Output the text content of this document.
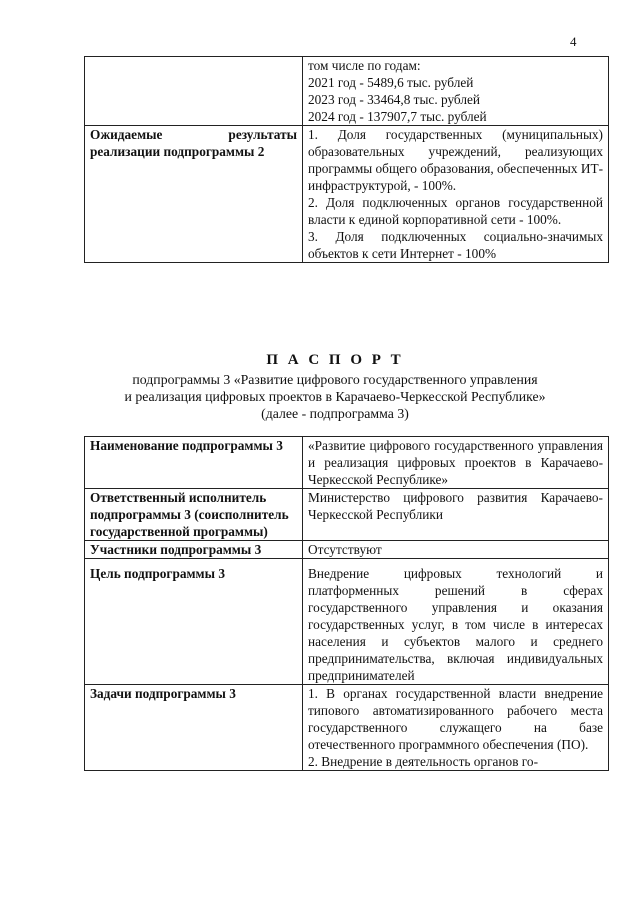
4

	том числе по годам:
2021 год - 5489,6 тыс. рублей
2023 год - 33464,8 тыс. рублей
2024 год - 137907,7 тыс. рублей

Ожидаемые результаты реализации подпрограммы 2	1. Доля государственных (муниципальных) образовательных учреждений, реализующих программы общего образования, обеспеченных ИТ-инфраструктурой, - 100%.
2. Доля подключенных органов государственной власти к единой корпоративной сети - 100%.
3. Доля подключенных социально-значимых объектов к сети Интернет - 100%
П А С П О Р Т
подпрограммы 3 «Развитие цифрового государственного управления
и реализация цифровых проектов в Карачаево-Черкесской Республике»
(далее - подпрограмма 3)
Наименование подпрограммы 3	«Развитие цифрового государственного управления и реализация цифровых проектов в Карачаево-Черкесской Республике»
Ответственный исполнитель подпрограммы 3 (соисполнитель государственной программы)	Министерство цифрового развития Карачаево-Черкесской Республики
Участники подпрограммы 3	Отсутствуют
Цель подпрограммы 3	Внедрение цифровых технологий и платформенных решений в сферах государственного управления и оказания государственных услуг, в том числе в интересах населения и субъектов малого и среднего предпринимательства, включая индивидуальных предпринимателей
Задачи подпрограммы 3	1. В органах государственной власти внедрение типового автоматизированного рабочего места государственного служащего на базе отечественного программного обеспечения (ПО).
2. Внедрение в деятельность органов го-
